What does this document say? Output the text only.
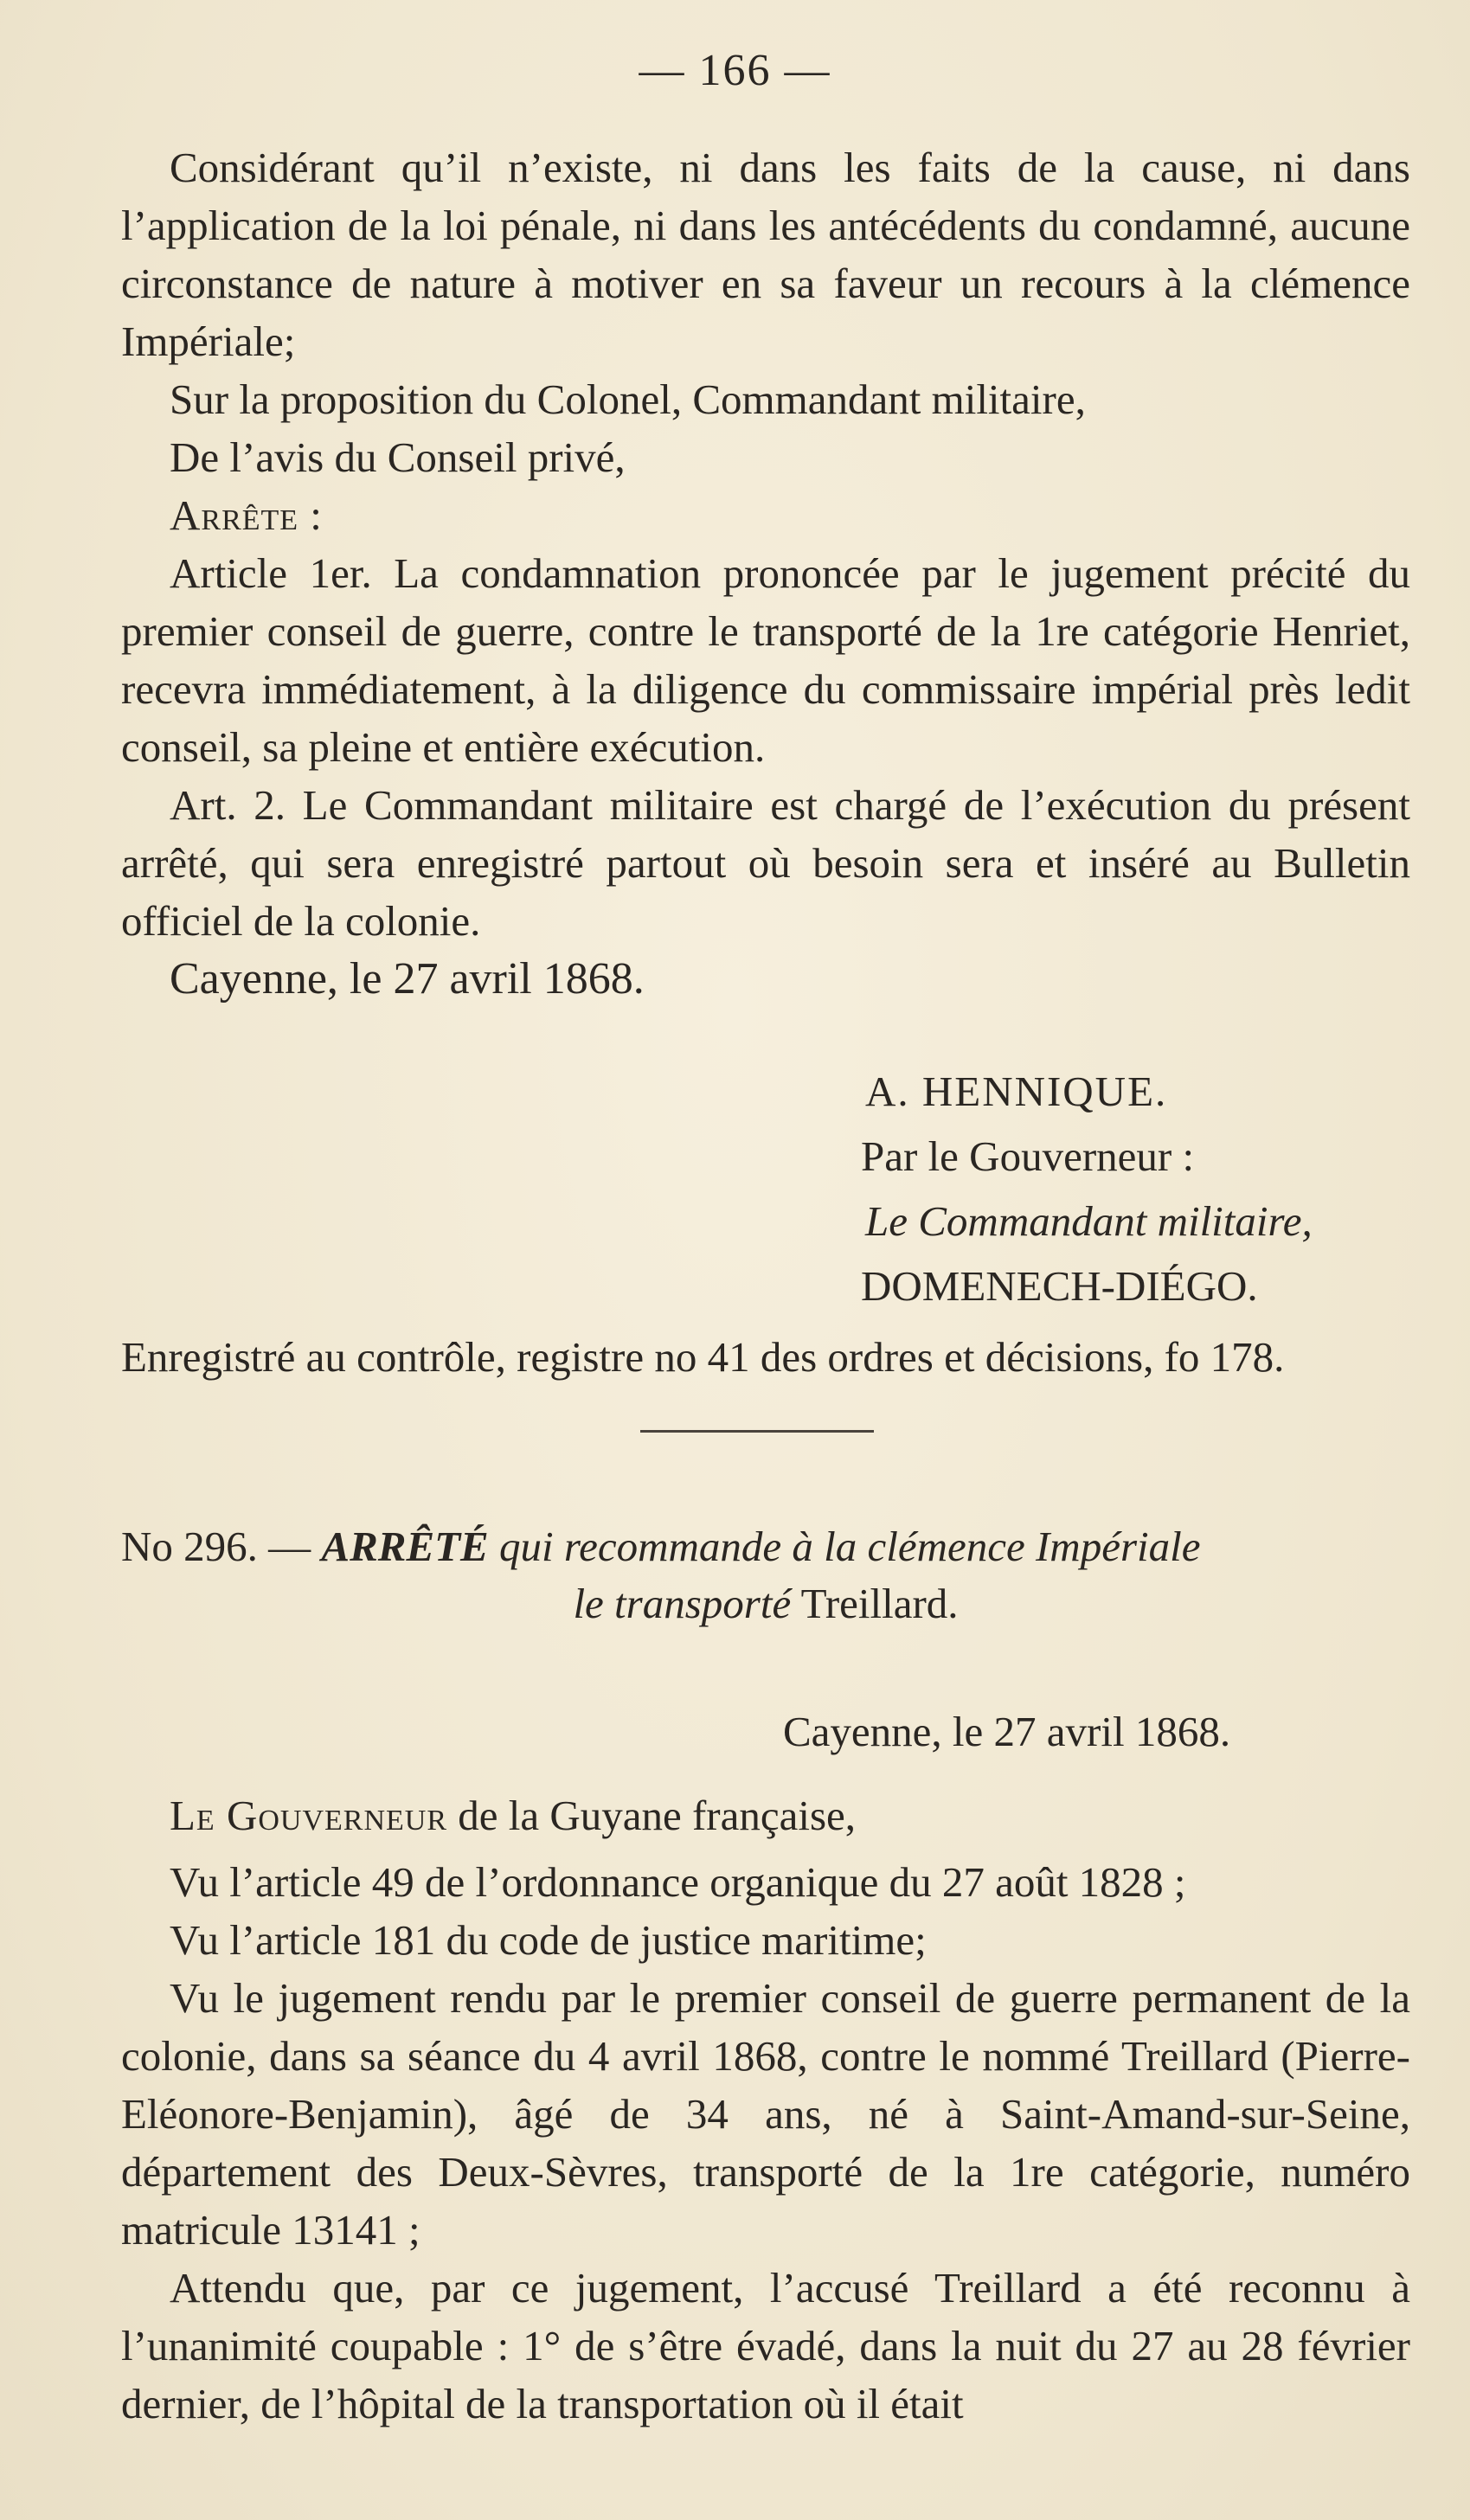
— 166 —
Considérant qu’il n’existe, ni dans les faits de la cause, ni dans l’application de la loi pénale, ni dans les antécédents du condamné, aucune circonstance de nature à motiver en sa faveur un recours à la clémence Impériale;
Sur la proposition du Colonel, Commandant militaire,
De l’avis du Conseil privé,
Arrête :
Article 1er. La condamnation prononcée par le jugement précité du premier conseil de guerre, contre le transporté de la 1re catégorie Henriet, recevra immédiatement, à la diligence du commissaire impérial près ledit conseil, sa pleine et entière exécution.
Art. 2. Le Commandant militaire est chargé de l’exécution du présent arrêté, qui sera enregistré partout où besoin sera et inséré au Bulletin officiel de la colonie.
Cayenne, le 27 avril 1868.
A. HENNIQUE.
Par le Gouverneur :
Le Commandant militaire,
DOMENECH-DIÉGO.
Enregistré au contrôle, registre no 41 des ordres et décisions, fo 178.
No 296. — ARRÊTÉ qui recommande à la clémence Impériale
le transporté Treillard.
Cayenne, le 27 avril 1868.
Le Gouverneur de la Guyane française,
Vu l’article 49 de l’ordonnance organique du 27 août 1828 ;
Vu l’article 181 du code de justice maritime;
Vu le jugement rendu par le premier conseil de guerre permanent de la colonie, dans sa séance du 4 avril 1868, contre le nommé Treillard (Pierre-Eléonore-Benjamin), âgé de 34 ans, né à Saint-Amand-sur-Seine, département des Deux-Sèvres, transporté de la 1re catégorie, numéro matricule 13141 ;
Attendu que, par ce jugement, l’accusé Treillard a été reconnu à l’unanimité coupable : 1° de s’être évadé, dans la nuit du 27 au 28 février dernier, de l’hôpital de la transportation où il était
